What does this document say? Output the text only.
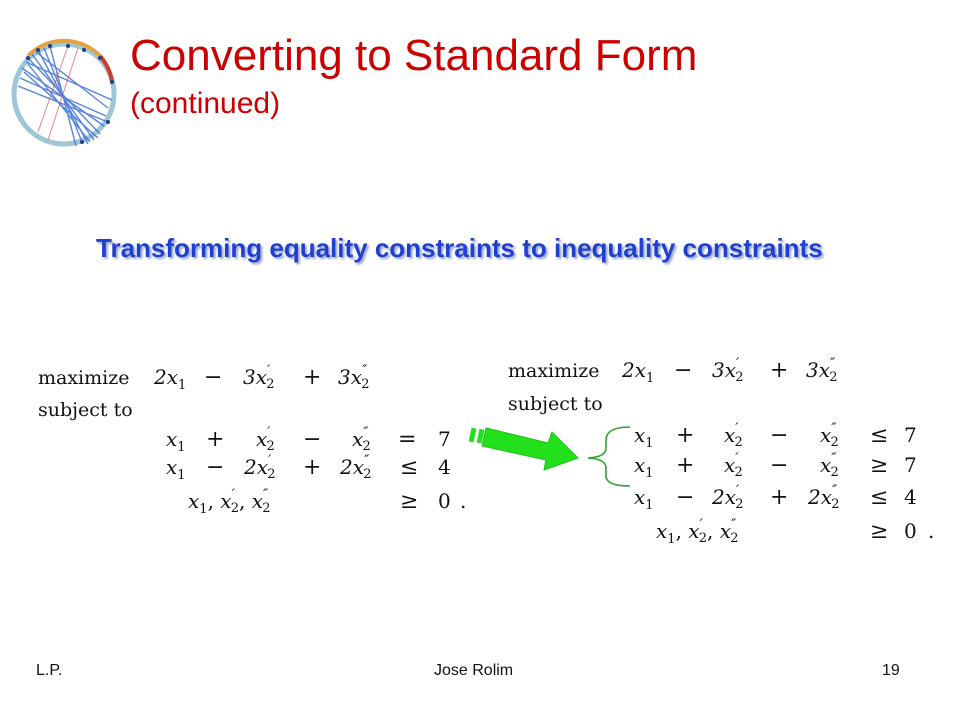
Converting to Standard Form
(continued)
Transforming equality constraints to inequality constraints
maximize
subject to
$2x_1 - 3x'$ 2 + 3x″ 2
$x_1 + x'$ 2 − x″ 2 = 7
$x_1 - 2x'$ 2 + 2x″ 2 ≤ 4
$x_1$, x′ 2, x″ 2	≥ 0 .
maximize
subject to
$2x_1 - 3x'$ 2 + 3x″ 2
$x_1 + x'$ 2 − x″ 2 ≤ 7
$x_1 + x'$ 2 − x″ 2 ≥ 7
$x_1 - 2x'$ 2 + 2x″ 2 ≤ 4
$x_1$, x′ 2, x″ 2	≥ 0 .
L.P.	Jose Rolim	19
